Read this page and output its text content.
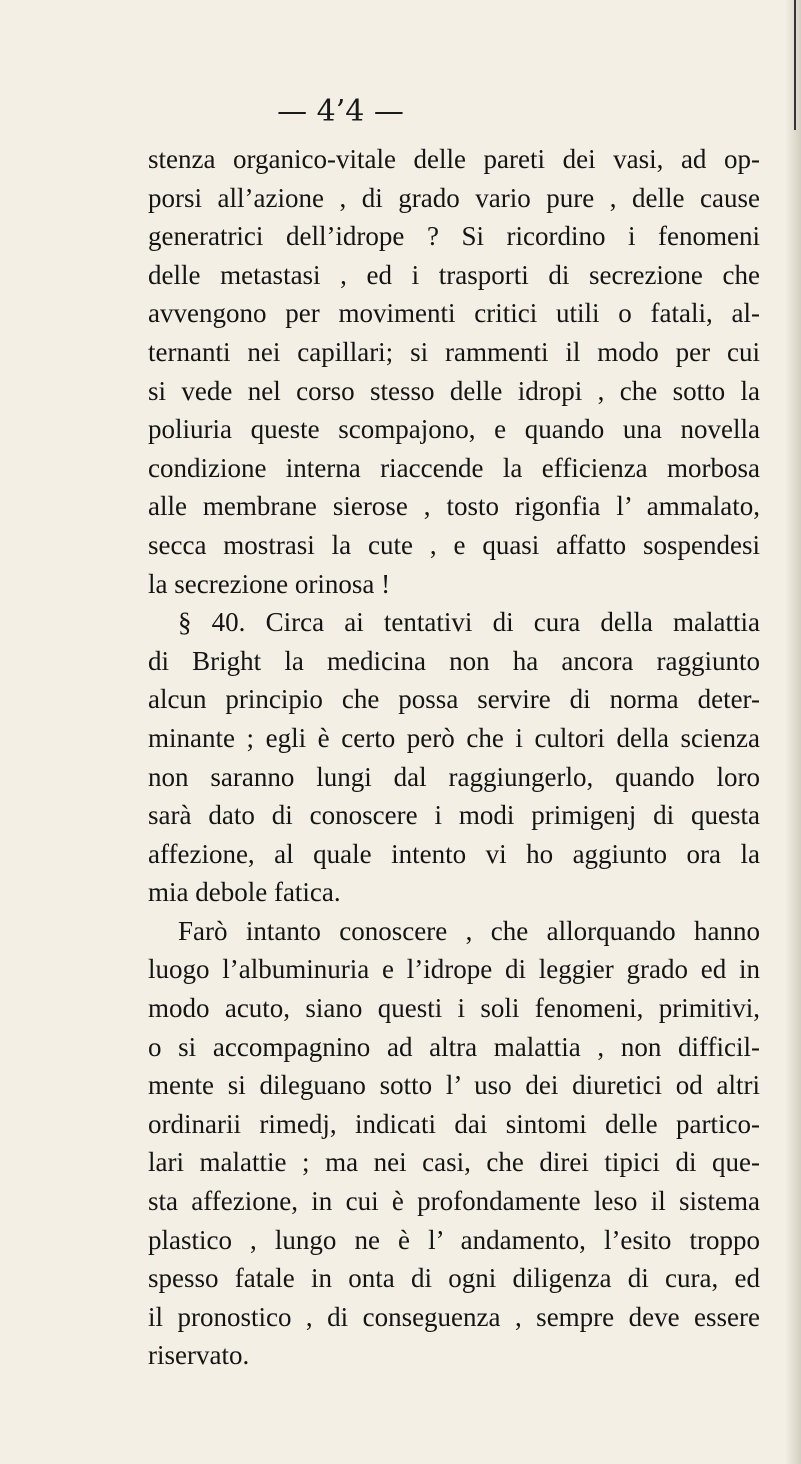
— 4’4 —
stenza organico-vitale delle pareti dei vasi, ad op-
porsi all’azione , di grado vario pure , delle cause
generatrici dell’idrope ? Si ricordino i fenomeni
delle metastasi , ed i trasporti di secrezione che
avvengono per movimenti critici utili o fatali, al-
ternanti nei capillari; si rammenti il modo per cui
si vede nel corso stesso delle idropi , che sotto la
poliuria queste scompajono, e quando una novella
condizione interna riaccende la efficienza morbosa
alle membrane sierose , tosto rigonfia l’ ammalato,
secca mostrasi la cute , e quasi affatto sospendesi
la secrezione orinosa !
§ 40. Circa ai tentativi di cura della malattia
di Bright la medicina non ha ancora raggiunto
alcun principio che possa servire di norma deter-
minante ; egli è certo però che i cultori della scienza
non saranno lungi dal raggiungerlo, quando loro
sarà dato di conoscere i modi primigenj di questa
affezione, al quale intento vi ho aggiunto ora la
mia debole fatica.
Farò intanto conoscere , che allorquando hanno
luogo l’albuminuria e l’idrope di leggier grado ed in
modo acuto, siano questi i soli fenomeni, primitivi,
o si accompagnino ad altra malattia , non difficil-
mente si dileguano sotto l’ uso dei diuretici od altri
ordinarii rimedj, indicati dai sintomi delle partico-
lari malattie ; ma nei casi, che direi tipici di que-
sta affezione, in cui è profondamente leso il sistema
plastico , lungo ne è l’ andamento, l’esito troppo
spesso fatale in onta di ogni diligenza di cura, ed
il pronostico , di conseguenza , sempre deve essere
riservato.
